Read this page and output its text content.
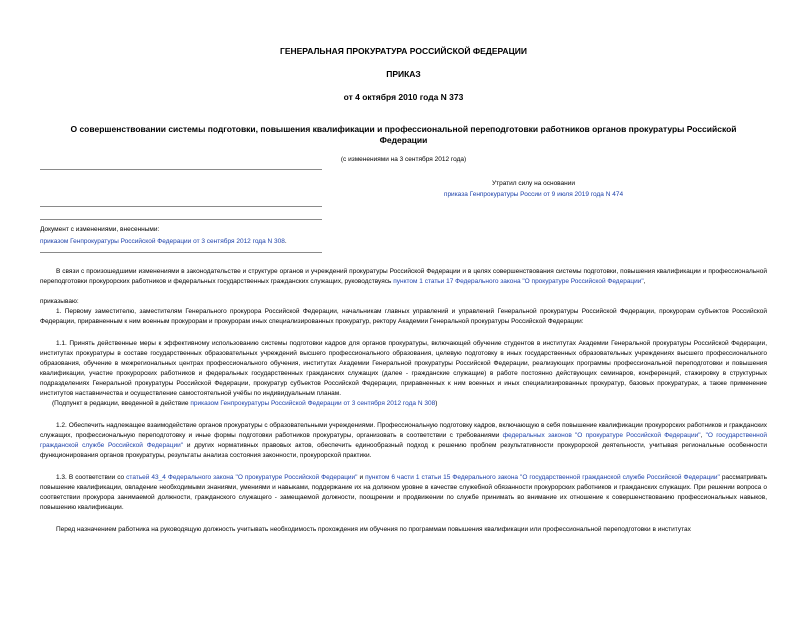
ГЕНЕРАЛЬНАЯ ПРОКУРАТУРА РОССИЙСКОЙ ФЕДЕРАЦИИ
ПРИКАЗ
от 4 октября 2010 года N 373
О совершенствовании системы подготовки, повышения квалификации и профессиональной переподготовки работников органов прокуратуры Российской Федерации
(с изменениями на 3 сентября 2012 года)
Утратил силу на основании
приказа Генпрокуратуры России от 9 июля 2019 года N 474
Документ с изменениями, внесенными:
приказом Генпрокуратуры Российской Федерации от 3 сентября 2012 года N 308.

В связи с произошедшими изменениями в законодательстве и структуре органов и учреждений прокуратуры Российской Федерации и в целях совершенствования системы подготовки, повышения квалификации и профессиональной переподготовки прокурорских работников и федеральных государственных гражданских служащих, руководствуясь пунктом 1 статьи 17 Федерального закона "О прокуратуре Российской Федерации",

приказываю:

1. Первому заместителю, заместителям Генерального прокурора Российской Федерации, начальникам главных управлений и управлений Генеральной прокуратуры Российской Федерации, прокурорам субъектов Российской Федерации, приравненным к ним военным прокурорам и прокурорам иных специализированных прокуратур, ректору Академии Генеральной прокуратуры Российской Федерации:

1.1. Принять действенные меры к эффективному использованию системы подготовки кадров для органов прокуратуры, включающей обучение студентов в институтах Академии Генеральной прокуратуры Российской Федерации, институтах прокуратуры в составе государственных образовательных учреждений высшего профессионального образования, целевую подготовку в иных государственных образовательных учреждениях высшего профессионального образования, обучение в межрегиональных центрах профессионального обучения, институтах Академии Генеральной прокуратуры Российской Федерации, реализующих программы профессиональной переподготовки и повышения квалификации, участие прокурорских работников и федеральных государственных гражданских служащих (далее - гражданские служащие) в работе постоянно действующих семинаров, конференций, стажировку в структурных подразделениях Генеральной прокуратуры Российской Федерации, прокуратур субъектов Российской Федерации, приравненных к ним военных и иных специализированных прокуратур, базовых прокуратурах, а также применение институтов наставничества и осуществление самостоятельной учёбы по индивидуальным планам.

(Подпункт в редакции, введенной в действие приказом Генпрокуратуры Российской Федерации от 3 сентября 2012 года N 308)

1.2. Обеспечить надлежащее взаимодействие органов прокуратуры с образовательными учреждениями. Профессиональную подготовку кадров, включающую в себя повышение квалификации прокурорских работников и гражданских служащих, профессиональную переподготовку и иные формы подготовки работников прокуратуры, организовать в соответствии с требованиями федеральных законов "О прокуратуре Российской Федерации", "О государственной гражданской службе Российской Федерации" и других нормативных правовых актов, обеспечить единообразный подход к решению проблем результативности прокурорской деятельности, учитывая региональные особенности функционирования органов прокуратуры, результаты анализа состояния законности, прокурорской практики.

1.3. В соответствии со статьей 43_4 Федерального закона "О прокуратуре Российской Федерации" и пунктом 6 части 1 статьи 15 Федерального закона "О государственной гражданской службе Российской Федерации" рассматривать повышение квалификации, овладение необходимыми знаниями, умениями и навыками, поддержание их на должном уровне в качестве служебной обязанности прокурорских работников и гражданских служащих. При решении вопроса о соответствии прокурора занимаемой должности, гражданского служащего - замещаемой должности, поощрении и продвижении по службе принимать во внимание их отношение к совершенствованию профессиональных навыков, повышению квалификации.

Перед назначением работника на руководящую должность учитывать необходимость прохождения им обучения по программам повышения квалификации или профессиональной переподготовки в институтах
